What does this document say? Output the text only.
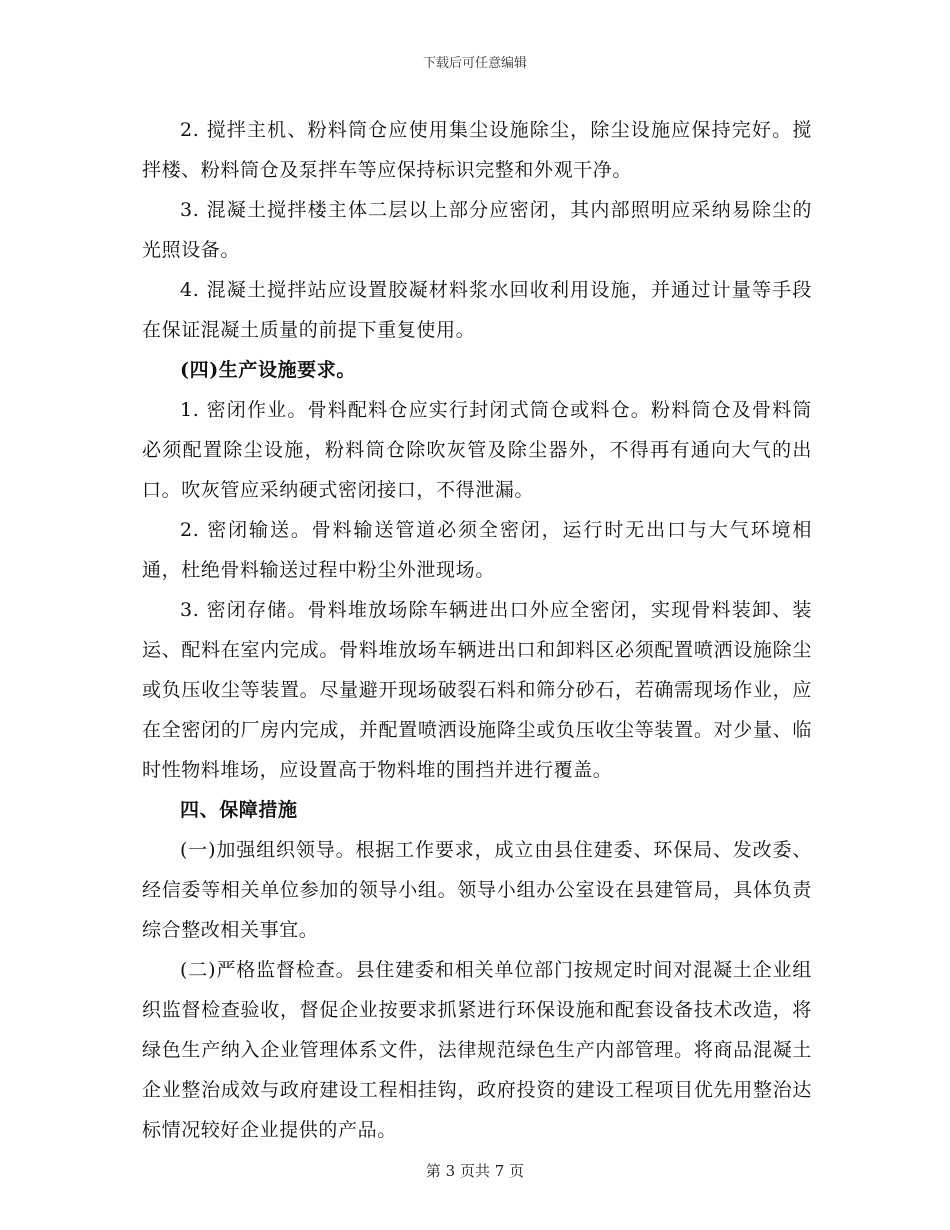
下载后可任意编辑

2. 搅拌主机、粉料筒仓应使用集尘设施除尘，除尘设施应保持完好。搅拌楼、粉料筒仓及泵拌车等应保持标识完整和外观干净。

3. 混凝土搅拌楼主体二层以上部分应密闭，其内部照明应采纳易除尘的光照设备。

4. 混凝土搅拌站应设置胶凝材料浆水回收利用设施，并通过计量等手段在保证混凝土质量的前提下重复使用。

(四)生产设施要求。

1. 密闭作业。骨料配料仓应实行封闭式筒仓或料仓。粉料筒仓及骨料筒必须配置除尘设施，粉料筒仓除吹灰管及除尘器外，不得再有通向大气的出口。吹灰管应采纳硬式密闭接口，不得泄漏。

2. 密闭输送。骨料输送管道必须全密闭，运行时无出口与大气环境相通，杜绝骨料输送过程中粉尘外泄现场。

3. 密闭存储。骨料堆放场除车辆进出口外应全密闭，实现骨料装卸、装运、配料在室内完成。骨料堆放场车辆进出口和卸料区必须配置喷洒设施除尘或负压收尘等装置。尽量避开现场破裂石料和筛分砂石，若确需现场作业，应在全密闭的厂房内完成，并配置喷洒设施降尘或负压收尘等装置。对少量、临时性物料堆场，应设置高于物料堆的围挡并进行覆盖。

四、保障措施

(一)加强组织领导。根据工作要求，成立由县住建委、环保局、发改委、经信委等相关单位参加的领导小组。领导小组办公室设在县建管局，具体负责综合整改相关事宜。

(二)严格监督检查。县住建委和相关单位部门按规定时间对混凝土企业组织监督检查验收，督促企业按要求抓紧进行环保设施和配套设备技术改造，将绿色生产纳入企业管理体系文件，法律规范绿色生产内部管理。将商品混凝土企业整治成效与政府建设工程相挂钩，政府投资的建设工程项目优先用整治达标情况较好企业提供的产品。

第 3 页共 7 页
